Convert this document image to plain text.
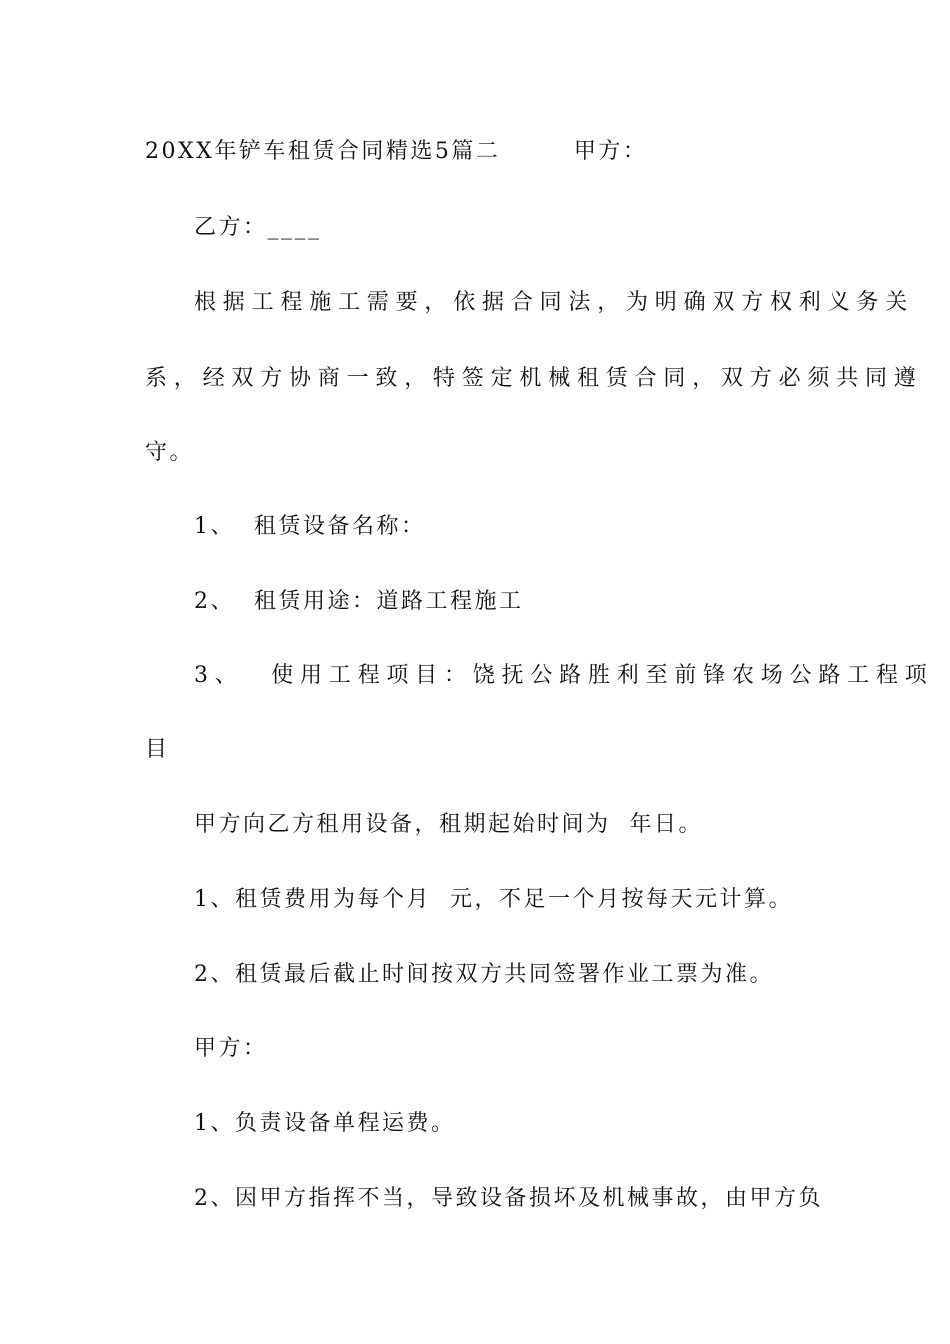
20XX年铲车租赁合同精选5篇二　　　甲方：
乙方：____
根据工程施工需要，依据合同法，为明确双方权利义务关
系，经双方协商一致，特签定机械租赁合同，双方必须共同遵
守。
1、  租赁设备名称：
2、  租赁用途：道路工程施工
3、  使用工程项目：饶抚公路胜利至前锋农场公路工程项
目
甲方向乙方租用设备，租期起始时间为  年日。
1、租赁费用为每个月  元，不足一个月按每天元计算。
2、租赁最后截止时间按双方共同签署作业工票为准。
甲方：
1、负责设备单程运费。
2、因甲方指挥不当，导致设备损坏及机械事故，由甲方负
